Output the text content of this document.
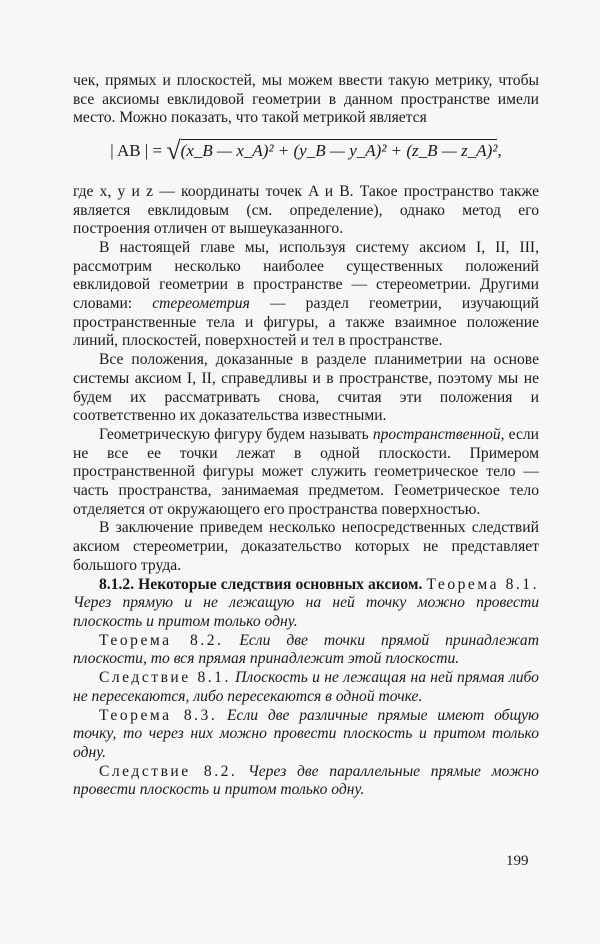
чек, прямых и плоскостей, мы можем ввести такую метрику, чтобы все аксиомы евклидовой геометрии в данном пространстве имели место. Можно показать, что такой метрикой является

| AB | = √(x_B — x_A)² + (y_B — y_A)² + (z_B — z_A)²,

где x, y и z — координаты точек A и B. Такое пространство также является евклидовым (см. определение), однако метод его построения отличен от вышеуказанного.

В настоящей главе мы, используя систему аксиом I, II, III, рассмотрим несколько наиболее существенных положений евклидовой геометрии в пространстве — стереометрии. Другими словами: стереометрия — раздел геометрии, изучающий пространственные тела и фигуры, а также взаимное положение линий, плоскостей, поверхностей и тел в пространстве.

Все положения, доказанные в разделе планиметрии на основе системы аксиом I, II, справедливы и в пространстве, поэтому мы не будем их рассматривать снова, считая эти положения и соответственно их доказательства известными.

Геометрическую фигуру будем называть пространственной, если не все ее точки лежат в одной плоскости. Примером пространственной фигуры может служить геометрическое тело — часть пространства, занимаемая предметом. Геометрическое тело отделяется от окружающего его пространства поверхностью.

В заключение приведем несколько непосредственных следствий аксиом стереометрии, доказательство которых не представляет большого труда.

8.1.2. Некоторые следствия основных аксиом. Теорема 8.1. Через прямую и не лежащую на ней точку можно провести плоскость и притом только одну.

Теорема 8.2. Если две точки прямой принадлежат плоскости, то вся прямая принадлежит этой плоскости.

Следствие 8.1. Плоскость и не лежащая на ней прямая либо не пересекаются, либо пересекаются в одной точке.

Теорема 8.3. Если две различные прямые имеют общую точку, то через них можно провести плоскость и притом только одну.

Следствие 8.2. Через две параллельные прямые можно провести плоскость и притом только одну.

199
